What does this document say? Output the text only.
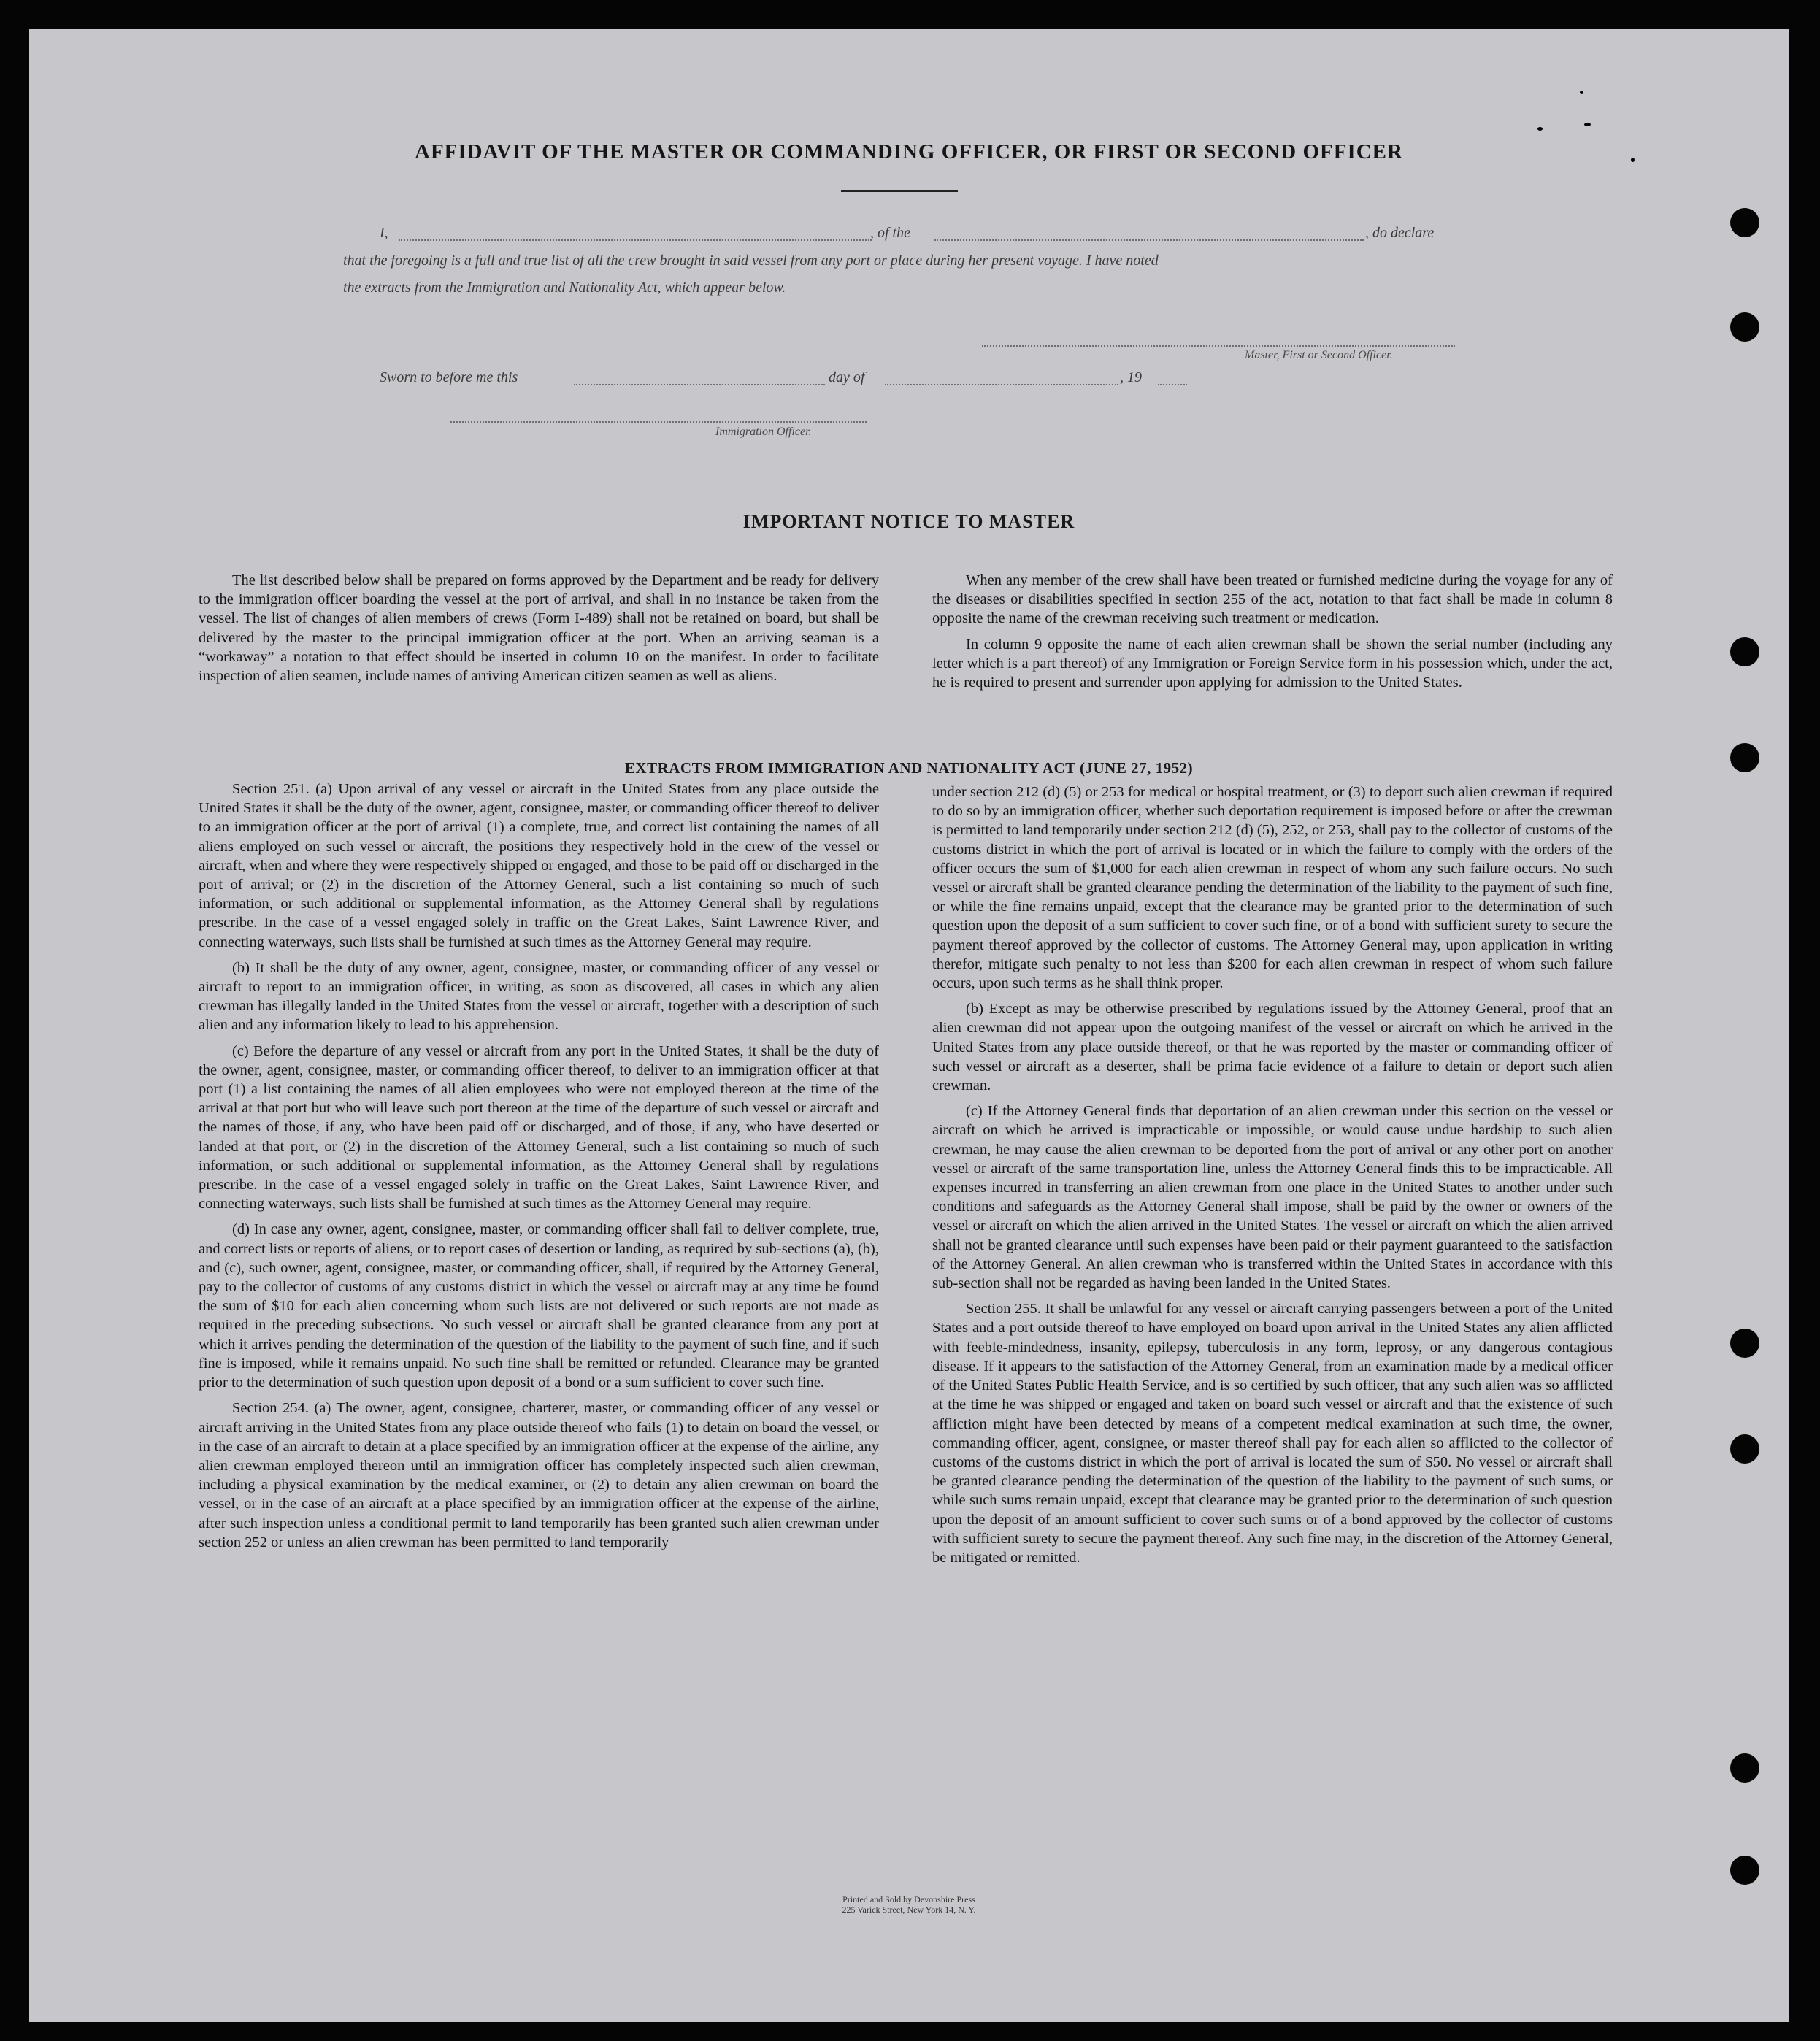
AFFIDAVIT OF THE MASTER OR COMMANDING OFFICER, OR FIRST OR SECOND OFFICER
I,	, of the	, do declare
that the foregoing is a full and true list of all the crew brought in said vessel from any port or place during her present voyage. I have noted
the extracts from the Immigration and Nationality Act, which appear below.
Master, First or Second Officer.
Sworn to before me this	day of	, 19
Immigration Officer.
IMPORTANT NOTICE TO MASTER

The list described below shall be prepared on forms approved by the Department and be ready for delivery to the immigration officer boarding the vessel at the port of arrival, and shall in no instance be taken from the vessel. The list of changes of alien members of crews (Form I-489) shall not be retained on board, but shall be delivered by the master to the principal immigration officer at the port. When an arriving seaman is a “workaway” a notation to that effect should be inserted in column 10 on the manifest. In order to facilitate inspection of alien seamen, include names of arriving American citizen seamen as well as aliens.

When any member of the crew shall have been treated or furnished medicine during the voyage for any of the diseases or disabilities specified in section 255 of the act, notation to that fact shall be made in column 8 opposite the name of the crewman receiving such treatment or medication.

In column 9 opposite the name of each alien crewman shall be shown the serial number (including any letter which is a part thereof) of any Immigration or Foreign Service form in his possession which, under the act, he is required to present and surrender upon applying for admission to the United States.

EXTRACTS FROM IMMIGRATION AND NATIONALITY ACT (JUNE 27, 1952)

Section 251. (a) Upon arrival of any vessel or aircraft in the United States from any place outside the United States it shall be the duty of the owner, agent, consignee, master, or commanding officer thereof to deliver to an immigration officer at the port of arrival (1) a complete, true, and correct list containing the names of all aliens employed on such vessel or aircraft, the positions they respectively hold in the crew of the vessel or aircraft, when and where they were respectively shipped or engaged, and those to be paid off or discharged in the port of arrival; or (2) in the discretion of the Attorney General, such a list containing so much of such information, or such additional or supplemental information, as the Attorney General shall by regulations prescribe. In the case of a vessel engaged solely in traffic on the Great Lakes, Saint Lawrence River, and connecting waterways, such lists shall be furnished at such times as the Attorney General may require.

(b) It shall be the duty of any owner, agent, consignee, master, or commanding officer of any vessel or aircraft to report to an immigration officer, in writing, as soon as discovered, all cases in which any alien crewman has illegally landed in the United States from the vessel or aircraft, together with a description of such alien and any information likely to lead to his apprehension.

(c) Before the departure of any vessel or aircraft from any port in the United States, it shall be the duty of the owner, agent, consignee, master, or commanding officer thereof, to deliver to an immigration officer at that port (1) a list containing the names of all alien employees who were not employed thereon at the time of the arrival at that port but who will leave such port thereon at the time of the departure of such vessel or aircraft and the names of those, if any, who have been paid off or discharged, and of those, if any, who have deserted or landed at that port, or (2) in the discretion of the Attorney General, such a list containing so much of such information, or such additional or supplemental information, as the Attorney General shall by regulations prescribe. In the case of a vessel engaged solely in traffic on the Great Lakes, Saint Lawrence River, and connecting waterways, such lists shall be furnished at such times as the Attorney General may require.

(d) In case any owner, agent, consignee, master, or commanding officer shall fail to deliver complete, true, and correct lists or reports of aliens, or to report cases of desertion or landing, as required by sub-sections (a), (b), and (c), such owner, agent, consignee, master, or commanding officer, shall, if required by the Attorney General, pay to the collector of customs of any customs district in which the vessel or aircraft may at any time be found the sum of $10 for each alien concerning whom such lists are not delivered or such reports are not made as required in the preceding subsections. No such vessel or aircraft shall be granted clearance from any port at which it arrives pending the determination of the question of the liability to the payment of such fine, and if such fine is imposed, while it remains unpaid. No such fine shall be remitted or refunded. Clearance may be granted prior to the determination of such question upon deposit of a bond or a sum sufficient to cover such fine.

Section 254. (a) The owner, agent, consignee, charterer, master, or commanding officer of any vessel or aircraft arriving in the United States from any place outside thereof who fails (1) to detain on board the vessel, or in the case of an aircraft to detain at a place specified by an immigration officer at the expense of the airline, any alien crewman employed thereon until an immigration officer has completely inspected such alien crewman, including a physical examination by the medical examiner, or (2) to detain any alien crewman on board the vessel, or in the case of an aircraft at a place specified by an immigration officer at the expense of the airline, after such inspection unless a conditional permit to land temporarily has been granted such alien crewman under section 252 or unless an alien crewman has been permitted to land temporarily

under section 212 (d) (5) or 253 for medical or hospital treatment, or (3) to deport such alien crewman if required to do so by an immigration officer, whether such deportation requirement is imposed before or after the crewman is permitted to land temporarily under section 212 (d) (5), 252, or 253, shall pay to the collector of customs of the customs district in which the port of arrival is located or in which the failure to comply with the orders of the officer occurs the sum of $1,000 for each alien crewman in respect of whom any such failure occurs. No such vessel or aircraft shall be granted clearance pending the determination of the liability to the payment of such fine, or while the fine remains unpaid, except that the clearance may be granted prior to the determination of such question upon the deposit of a sum sufficient to cover such fine, or of a bond with sufficient surety to secure the payment thereof approved by the collector of customs. The Attorney General may, upon application in writing therefor, mitigate such penalty to not less than $200 for each alien crewman in respect of whom such failure occurs, upon such terms as he shall think proper.

(b) Except as may be otherwise prescribed by regulations issued by the Attorney General, proof that an alien crewman did not appear upon the outgoing manifest of the vessel or aircraft on which he arrived in the United States from any place outside thereof, or that he was reported by the master or commanding officer of such vessel or aircraft as a deserter, shall be prima facie evidence of a failure to detain or deport such alien crewman.

(c) If the Attorney General finds that deportation of an alien crewman under this section on the vessel or aircraft on which he arrived is impracticable or impossible, or would cause undue hardship to such alien crewman, he may cause the alien crewman to be deported from the port of arrival or any other port on another vessel or aircraft of the same transportation line, unless the Attorney General finds this to be impracticable. All expenses incurred in transferring an alien crewman from one place in the United States to another under such conditions and safeguards as the Attorney General shall impose, shall be paid by the owner or owners of the vessel or aircraft on which the alien arrived in the United States. The vessel or aircraft on which the alien arrived shall not be granted clearance until such expenses have been paid or their payment guaranteed to the satisfaction of the Attorney General. An alien crewman who is transferred within the United States in accordance with this sub-section shall not be regarded as having been landed in the United States.

Section 255. It shall be unlawful for any vessel or aircraft carrying passengers between a port of the United States and a port outside thereof to have employed on board upon arrival in the United States any alien afflicted with feeble-mindedness, insanity, epilepsy, tuberculosis in any form, leprosy, or any dangerous contagious disease. If it appears to the satisfaction of the Attorney General, from an examination made by a medical officer of the United States Public Health Service, and is so certified by such officer, that any such alien was so afflicted at the time he was shipped or engaged and taken on board such vessel or aircraft and that the existence of such affliction might have been detected by means of a competent medical examination at such time, the owner, commanding officer, agent, consignee, or master thereof shall pay for each alien so afflicted to the collector of customs of the customs district in which the port of arrival is located the sum of $50. No vessel or aircraft shall be granted clearance pending the determination of the question of the liability to the payment of such sums, or while such sums remain unpaid, except that clearance may be granted prior to the determination of such question upon the deposit of an amount sufficient to cover such sums or of a bond approved by the collector of customs with sufficient surety to secure the payment thereof. Any such fine may, in the discretion of the Attorney General, be mitigated or remitted.

Printed and Sold by Devonshire Press
225 Varick Street, New York 14, N. Y.
